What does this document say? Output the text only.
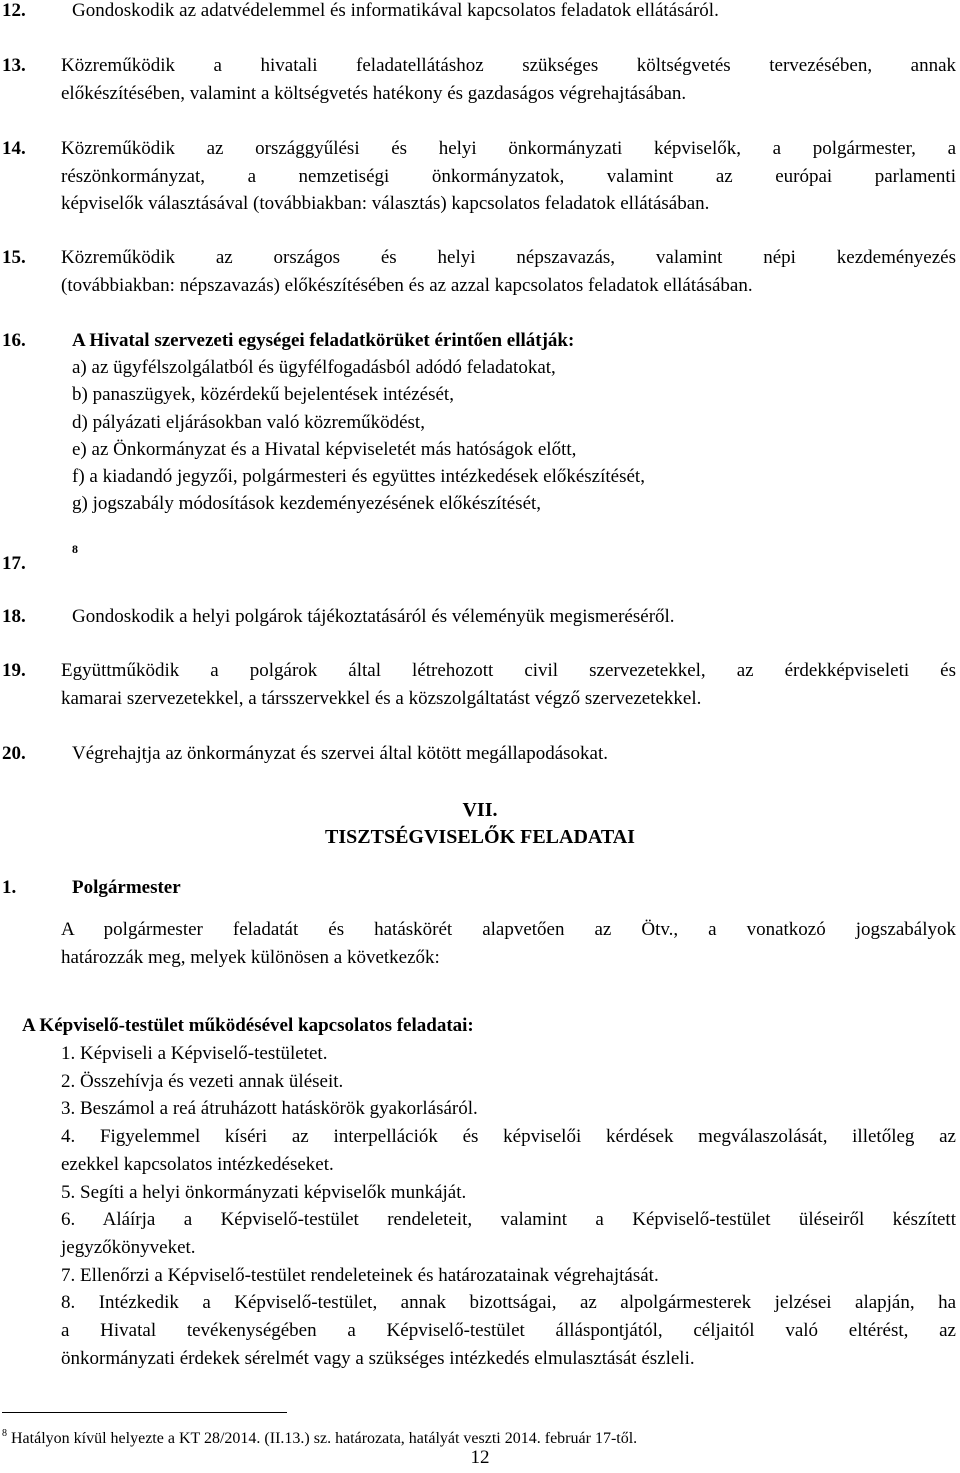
12. Gondoskodik az adatvédelemmel és informatikával kapcsolatos feladatok ellátásáról.
13. Közreműködik a hivatali feladatellátáshoz szükséges költségvetés tervezésében, annak
előkészítésében, valamint a költségvetés hatékony és gazdaságos végrehajtásában.
14. Közreműködik az országgyűlési és helyi önkormányzati képviselők, a polgármester, a
részönkormányzat, a nemzetiségi önkormányzatok, valamint az európai parlamenti
képviselők választásával (továbbiakban: választás) kapcsolatos feladatok ellátásában.
15. Közreműködik az országos és helyi népszavazás, valamint népi kezdeményezés
(továbbiakban: népszavazás) előkészítésében és az azzal kapcsolatos feladatok ellátásában.
16. A Hivatal szervezeti egységei feladatkörüket érintően ellátják:
a) az ügyfélszolgálatból és ügyfélfogadásból adódó feladatokat,
b) panaszügyek, közérdekű bejelentések intézését,
d) pályázati eljárásokban való közreműködést,
e) az Önkormányzat és a Hivatal képviseletét más hatóságok előtt,
f) a kiadandó jegyzői, polgármesteri és együttes intézkedések előkészítését,
g) jogszabály módosítások kezdeményezésének előkészítését,
17.
8
18. Gondoskodik a helyi polgárok tájékoztatásáról és véleményük megismeréséről.
19. Együttműködik a polgárok által létrehozott civil szervezetekkel, az érdekképviseleti és
kamarai szervezetekkel, a társszervekkel és a közszolgáltatást végző szervezetekkel.
20. Végrehajtja az önkormányzat és szervei által kötött megállapodásokat.
VII.
TISZTSÉGVISELŐK FELADATAI
1.	Polgármester
A polgármester feladatát és hatáskörét alapvetően az Ötv., a vonatkozó jogszabályok
határozzák meg, melyek különösen a következők:
A Képviselő-testület működésével kapcsolatos feladatai:
1. Képviseli a Képviselő-testületet.
2. Összehívja és vezeti annak üléseit.
3. Beszámol a reá átruházott hatáskörök gyakorlásáról.
4. Figyelemmel kíséri az interpellációk és képviselői kérdések megválaszolását, illetőleg az
ezekkel kapcsolatos intézkedéseket.
5. Segíti a helyi önkormányzati képviselők munkáját.
6. Aláírja a Képviselő-testület rendeleteit, valamint a Képviselő-testület üléseiről készített
jegyzőkönyveket.
7. Ellenőrzi a Képviselő-testület rendeleteinek és határozatainak végrehajtását.
8. Intézkedik a Képviselő-testület, annak bizottságai, az alpolgármesterek jelzései alapján, ha
a Hivatal tevékenységében a Képviselő-testület álláspontjától, céljaitól való eltérést, az
önkormányzati érdekek sérelmét vagy a szükséges intézkedés elmulasztását észleli.
$^8$ Hatályon kívül helyezte a KT 28/2014. (II.13.) sz. határozata, hatályát veszti 2014. február 17-től.
12
